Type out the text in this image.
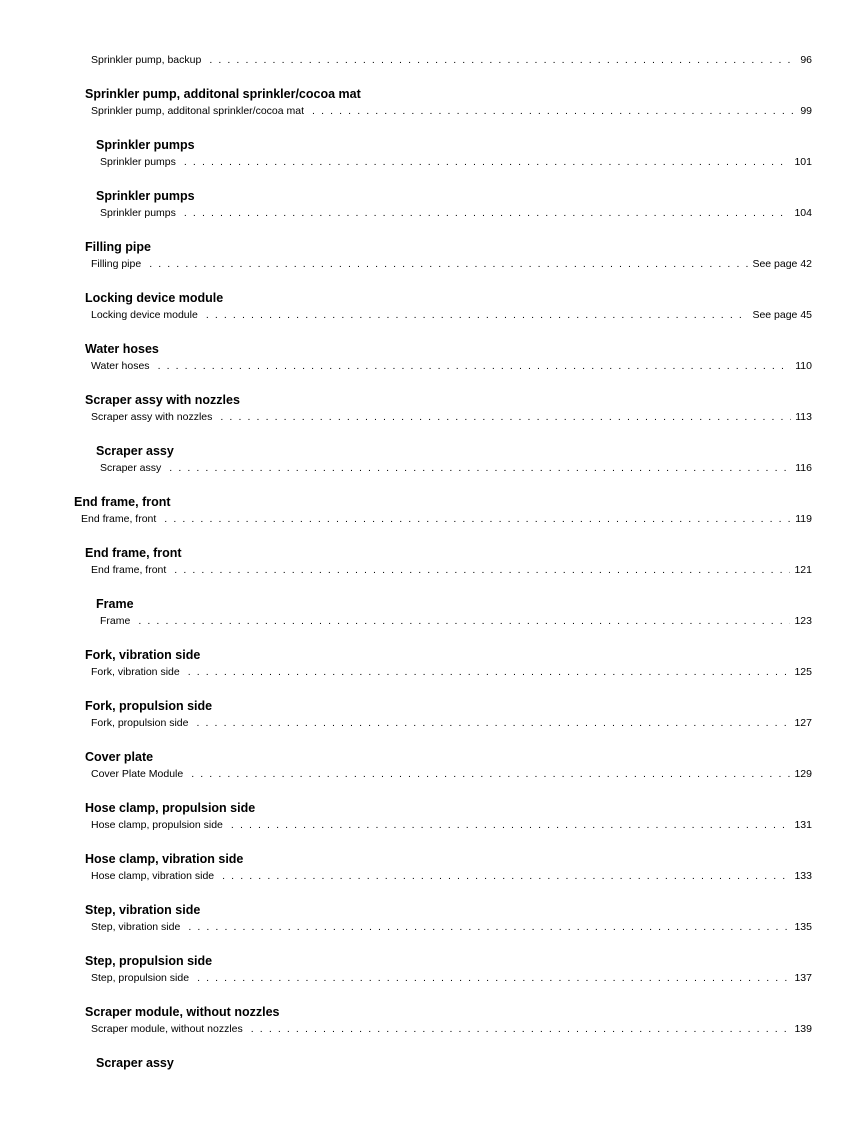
Sprinkler pump, backup . . .	96
Sprinkler pump, additonal sprinkler/cocoa mat
Sprinkler pump, additonal sprinkler/cocoa mat . . .	99
Sprinkler pumps
Sprinkler pumps . . .	101
Sprinkler pumps
Sprinkler pumps . . .	104
Filling pipe
Filling pipe . . .	See page 42
Locking device module
Locking device module . . .	See page 45
Water hoses
Water hoses . . .	110
Scraper assy with nozzles
Scraper assy with nozzles . . .	113
Scraper assy
Scraper assy . . .	116
End frame, front
End frame, front . . .	119
End frame, front
End frame, front . . .	121
Frame
Frame . . .	123
Fork, vibration side
Fork, vibration side . . .	125
Fork, propulsion side
Fork, propulsion side . . .	127
Cover plate
Cover Plate Module . . .	129
Hose clamp, propulsion side
Hose clamp, propulsion side . . .	131
Hose clamp, vibration side
Hose clamp, vibration side . . .	133
Step, vibration side
Step, vibration side . . .	135
Step, propulsion side
Step, propulsion side . . .	137
Scraper module, without nozzles
Scraper module, without nozzles . . .	139
Scraper assy
